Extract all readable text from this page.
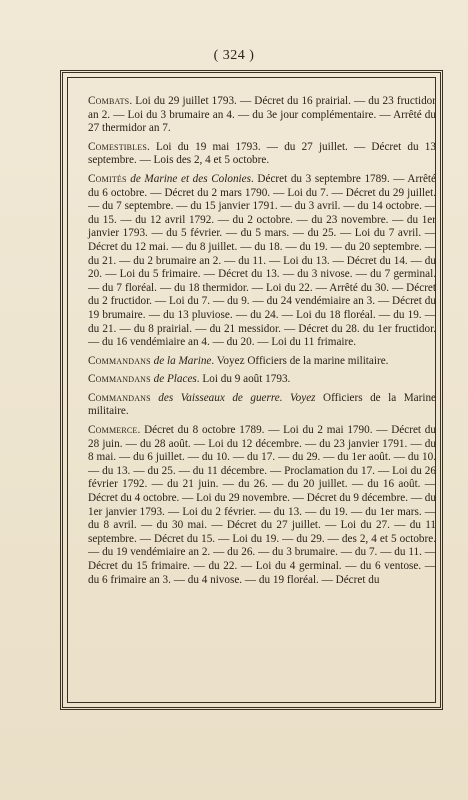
( 324 )

Combats. Loi du 29 juillet 1793. — Décret du 16 prairial. — du 23 fructidor an 2. — Loi du 3 brumaire an 4. — du 3e jour complémentaire. — Arrêté du 27 thermidor an 7.

Comestibles. Loi du 19 mai 1793. — du 27 juillet. — Décret du 13 septembre. — Lois des 2, 4 et 5 octobre.

Comités de Marine et des Colonies. Décret du 3 septembre 1789. — Arrêté du 6 octobre. — Décret du 2 mars 1790. — Loi du 7. — Décret du 29 juillet. — du 7 septembre. — du 15 janvier 1791. — du 3 avril. — du 14 octobre. — du 15. — du 12 avril 1792. — du 2 octobre. — du 23 novembre. — du 1er janvier 1793. — du 5 février. — du 5 mars. — du 25. — Loi du 7 avril. — Décret du 12 mai. — du 8 juillet. — du 18. — du 19. — du 20 septembre. — du 21. — du 2 brumaire an 2. — du 11. — Loi du 13. — Décret du 14. — du 20. — Loi du 5 frimaire. — Décret du 13. — du 3 nivose. — du 7 germinal. — du 7 floréal. — du 18 thermidor. — Loi du 22. — Arrêté du 30. — Décret du 2 fructidor. — Loi du 7. — du 9. — du 24 vendémiaire an 3. — Décret du 19 brumaire. — du 13 pluviose. — du 24. — Loi du 18 floréal. — du 19. — du 21. — du 8 prairial. — du 21 messidor. — Décret du 28. du 1er fructidor. — du 16 vendémiaire an 4. — du 20. — Loi du 11 frimaire.

Commandans de la Marine. Voyez Officiers de la marine militaire.

Commandans de Places. Loi du 9 août 1793.

Commandans des Vaisseaux de guerre. Voyez Officiers de la Marine militaire.

Commerce. Décret du 8 octobre 1789. — Loi du 2 mai 1790. — Décret du 28 juin. — du 28 août. — Loi du 12 décembre. — du 23 janvier 1791. — du 8 mai. — du 6 juillet. — du 10. — du 17. — du 29. — du 1er août. — du 10. — du 13. — du 25. — du 11 décembre. — Proclamation du 17. — Loi du 26 février 1792. — du 21 juin. — du 26. — du 20 juillet. — du 16 août. — Décret du 4 octobre. — Loi du 29 novembre. — Décret du 9 décembre. — du 1er janvier 1793. — Loi du 2 février. — du 13. — du 19. — du 1er mars. — du 8 avril. — du 30 mai. — Décret du 27 juillet. — Loi du 27. — du 11 septembre. — Décret du 15. — Loi du 19. — du 29. — des 2, 4 et 5 octobre. — du 19 vendémiaire an 2. — du 26. — du 3 brumaire. — du 7. — du 11. — Décret du 15 frimaire. — du 22. — Loi du 4 germinal. — du 6 ventose. — du 6 frimaire an 3. — du 4 nivose. — du 19 floréal. — Décret du
